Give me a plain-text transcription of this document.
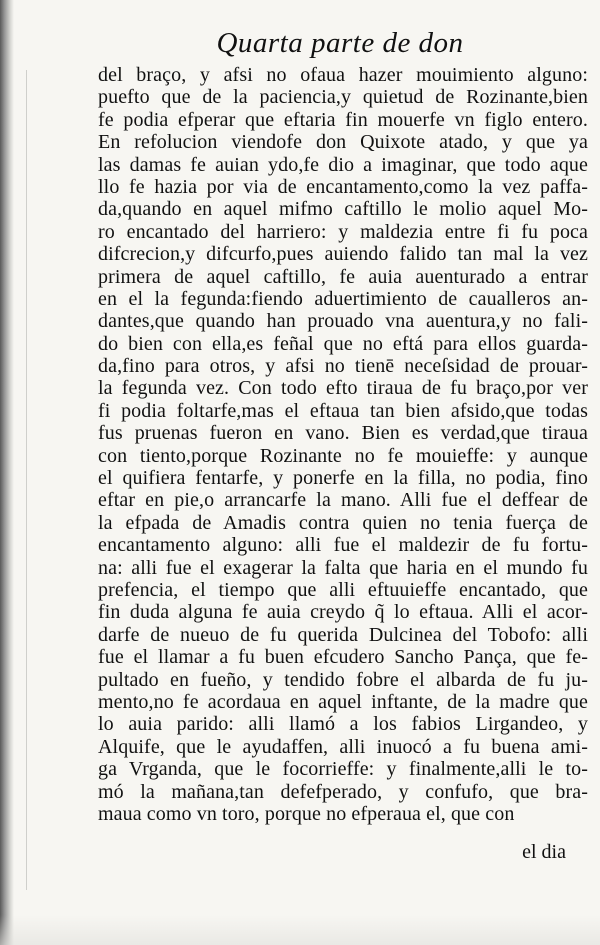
Quarta parte de don
del braço, y afsi no ofaua hazer mouimiento alguno:
puefto que de la paciencia,y quietud de Rozinante,bien
fe podia efperar que eftaria fin mouerfe vn figlo entero.
En refolucion viendofe don Quixote atado, y que ya
las damas fe auian ydo,fe dio a imaginar, que todo aque
llo fe hazia por via de encantamento,como la vez paffa-
da,quando en aquel mifmo caftillo le molio aquel Mo-
ro encantado del harriero: y maldezia entre fi fu poca
difcrecion,y difcurfo,pues auiendo falido tan mal la vez
primera de aquel caftillo, fe auia auenturado a entrar
en el la fegunda:fiendo aduertimiento de caualleros an-
dantes,que quando han prouado vna auentura,y no fali-
do bien con ella,es feñal que no eftá para ellos guarda-
da,fino para otros, y afsi no tienē neceſsidad de prouar-
la fegunda vez. Con todo efto tiraua de fu braço,por ver
fi podia foltarfe,mas el eftaua tan bien afsido,que todas
fus pruenas fueron en vano. Bien es verdad,que tiraua
con tiento,porque Rozinante no fe mouieffe: y aunque
el quifiera fentarfe, y ponerfe en la filla, no podia, fino
eftar en pie,o arrancarfe la mano. Alli fue el deffear de
la efpada de Amadis contra quien no tenia fuerça de
encantamento alguno: alli fue el maldezir de fu fortu-
na: alli fue el exagerar la falta que haria en el mundo fu
prefencia, el tiempo que alli eftuuieffe encantado, que
fin duda alguna fe auia creydo q̃ lo eftaua. Alli el acor-
darfe de nueuo de fu querida Dulcinea del Tobofo: alli
fue el llamar a fu buen efcudero Sancho Pança, que fe-
pultado en fueño, y tendido fobre el albarda de fu ju-
mento,no fe acordaua en aquel inftante, de la madre que
lo auia parido: alli llamó a los fabios Lirgandeo, y
Alquife, que le ayudaffen, alli inuocó a fu buena ami-
ga Vrganda, que le focorrieffe: y finalmente,alli le to-
mó la mañana,tan defefperado, y confufo, que bra-
maua como vn toro, porque no efperaua el, que con
el dia
